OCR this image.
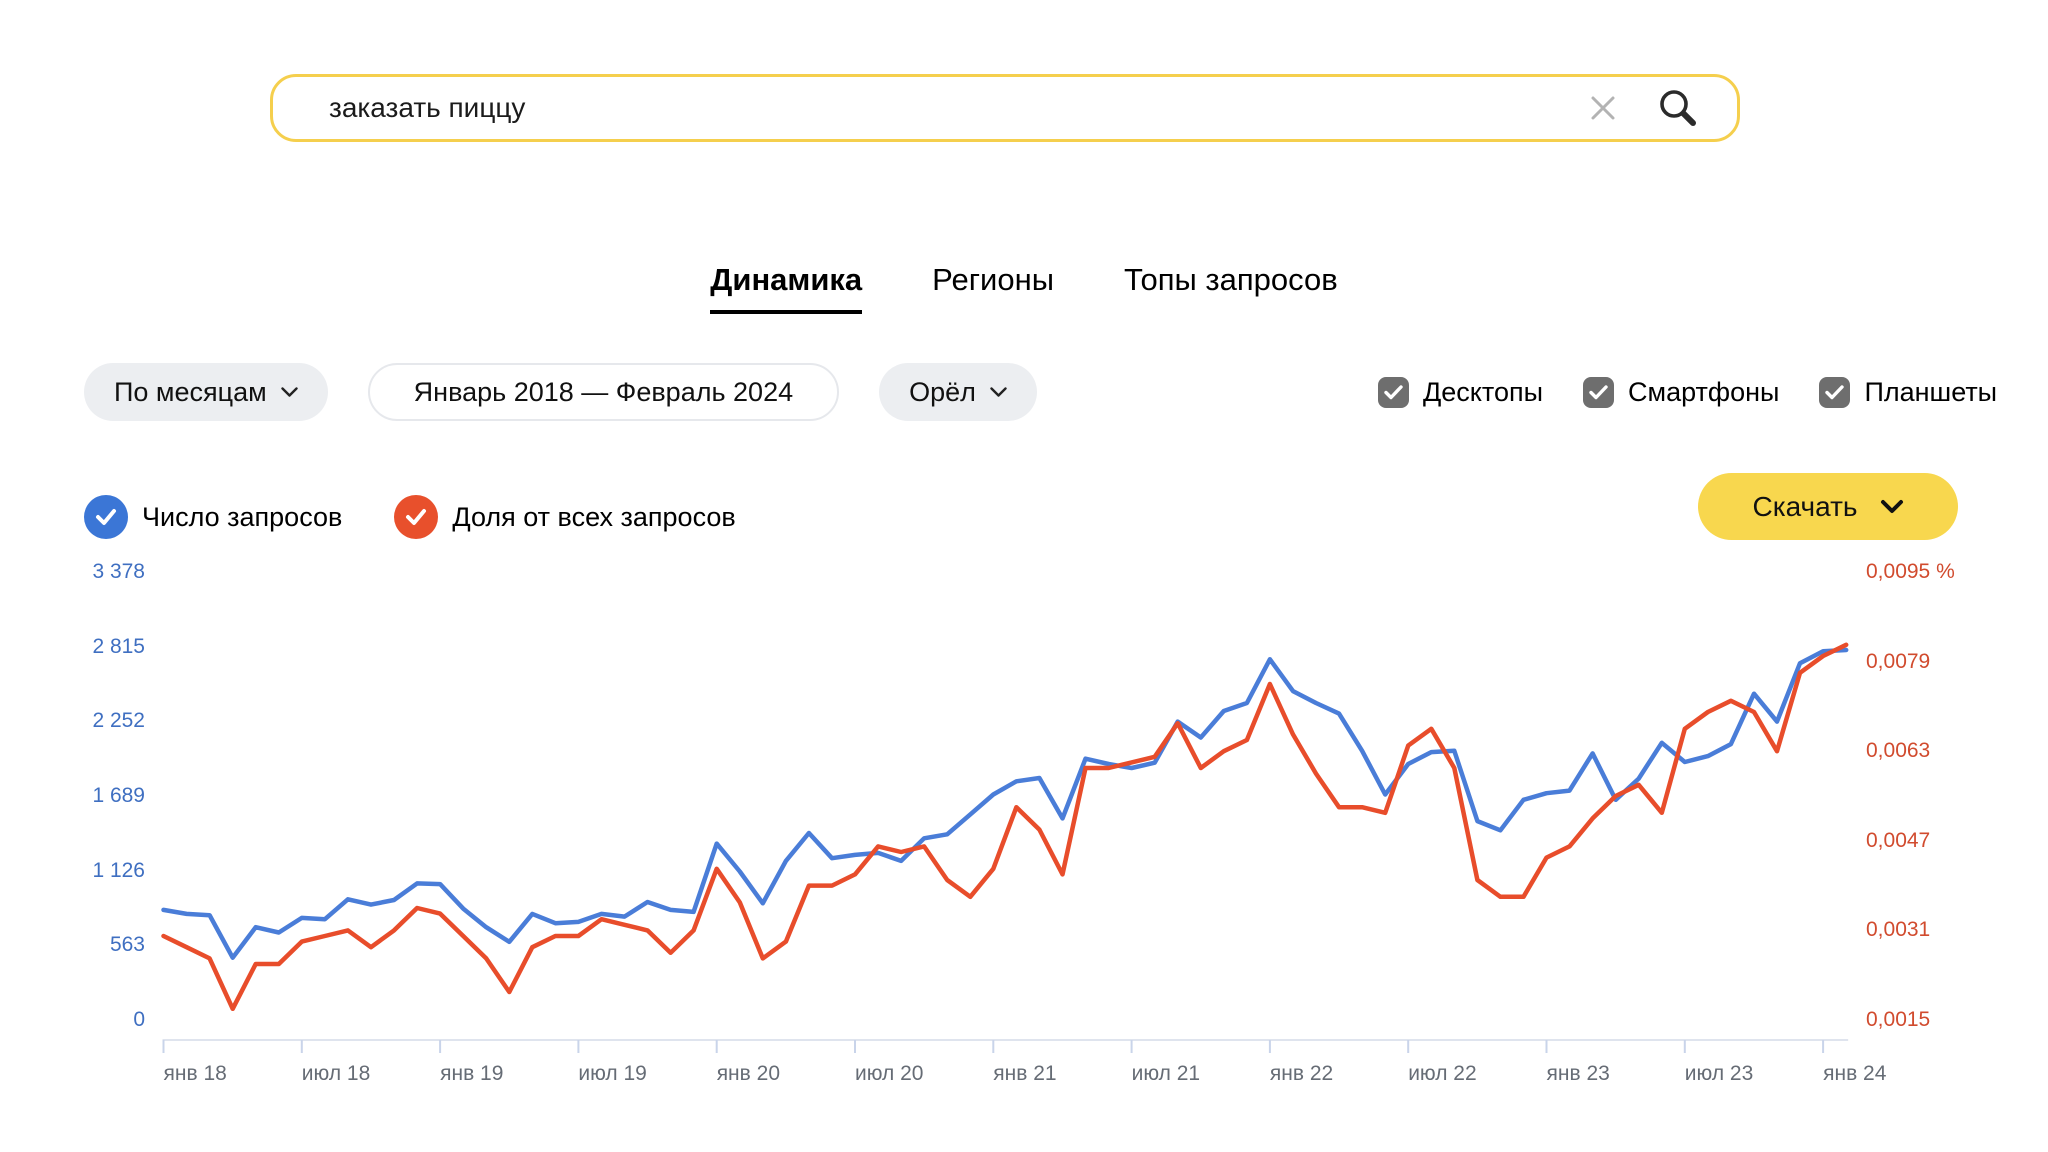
заказать пиццу
Динамика Регионы Топы запросов
По месяцам	Январь 2018 — Февраль 2024	Орёл	Десктопы	Смартфоны	Планшеты
Число запросов	Доля от всех запросов	Скачать
янв 18	июл 18	янв 19	июл 19	янв 20	июл 20	янв 21	июл 21	янв 22	июл 22	янв 23	июл 23	янв 24
0
563
1 126
1 689
2 252
2 815
3 378
0,0015
0,0031
0,0047
0,0063
0,0079
0,0095 %
